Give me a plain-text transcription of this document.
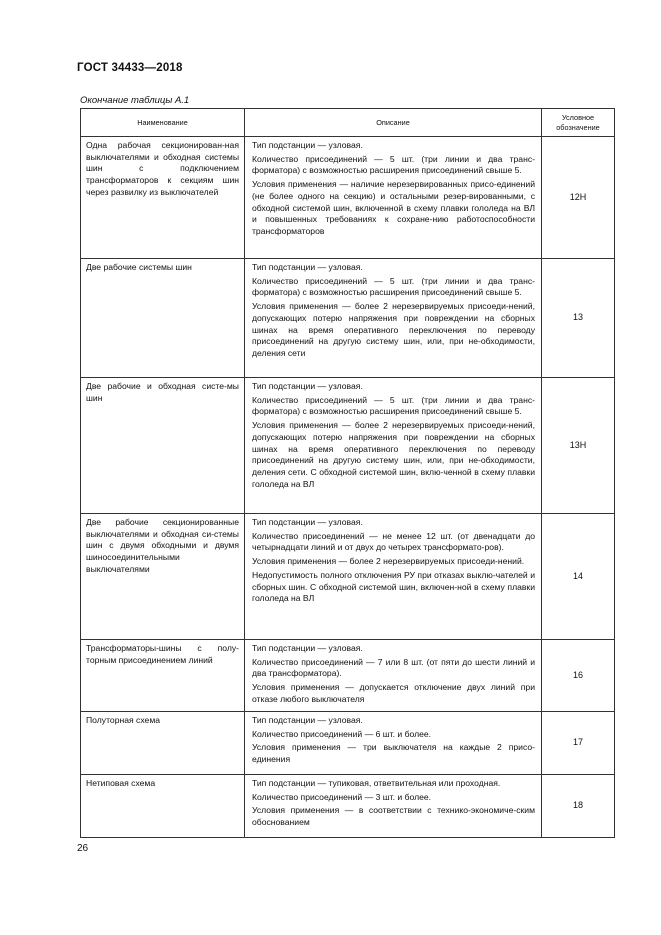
ГОСТ 34433—2018
Окончание таблицы А.1
Наименование	Описание	Условное обозначение
Одна рабочая секционирован-ная выключателями и обходная системы шин с подключением трансформаторов к секциям шин через развилку из выключателей	Тип подстанции — узловая.
Количество присоединений — 5 шт. (три линии и два транс-форматора) с возможностью расширения присоединений свыше 5.
Условия применения — наличие нерезервированных присо-единений (не более одного на секцию) и остальными резер-вированными, с обходной системой шин, включенной в схему плавки гололеда на ВЛ и повышенных требованиях к сохране-нию работоспособности трансформаторов	12Н
Две рабочие системы шин	Тип подстанции — узловая.
Количество присоединений — 5 шт. (три линии и два транс-форматора) с возможностью расширения присоединений свыше 5.
Условия применения — более 2 нерезервируемых присоеди-нений, допускающих потерю напряжения при повреждении на сборных шинах на время оперативного переключения по переводу присоединений на другую систему шин, или, при не-обходимости, деления сети	13
Две рабочие и обходная систе-мы шин	Тип подстанции — узловая.
Количество присоединений — 5 шт. (три линии и два транс-форматора) с возможностью расширения присоединений свыше 5.
Условия применения — более 2 нерезервируемых присоеди-нений, допускающих потерю напряжения при повреждении на сборных шинах на время оперативного переключения по переводу присоединений на другую систему шин, или, при не-обходимости, деления сети. С обходной системой шин, вклю-ченной в схему плавки гололеда на ВЛ	13Н
Две рабочие секционированные выключателями и обходная си-стемы шин с двумя обходными и двумя шиносоединительными выключателями	Тип подстанции — узловая.
Количество присоединений — не менее 12 шт. (от двенадцати до четырнадцати линий и от двух до четырех трансформато-ров).
Условия применения — более 2 нерезервируемых присоеди-нений.
Недопустимость полного отключения РУ при отказах выклю-чателей и сборных шин. С обходной системой шин, включен-ной в схему плавки гололеда на ВЛ	14
Трансформаторы-шины с полу-торным присоединением линий	Тип подстанции — узловая.
Количество присоединений — 7 или 8 шт. (от пяти до шести линий и два трансформатора).
Условия применения — допускается отключение двух линий при отказе любого выключателя	16
Полуторная схема	Тип подстанции — узловая.
Количество присоединений — 6 шт. и более.
Условия применения — три выключателя на каждые 2 присо-единения	17
Нетиповая схема	Тип подстанции — тупиковая, ответвительная или проходная.
Количество присоединений — 3 шт. и более.
Условия применения — в соответствии с технико-экономиче-ским обоснованием	18
26
